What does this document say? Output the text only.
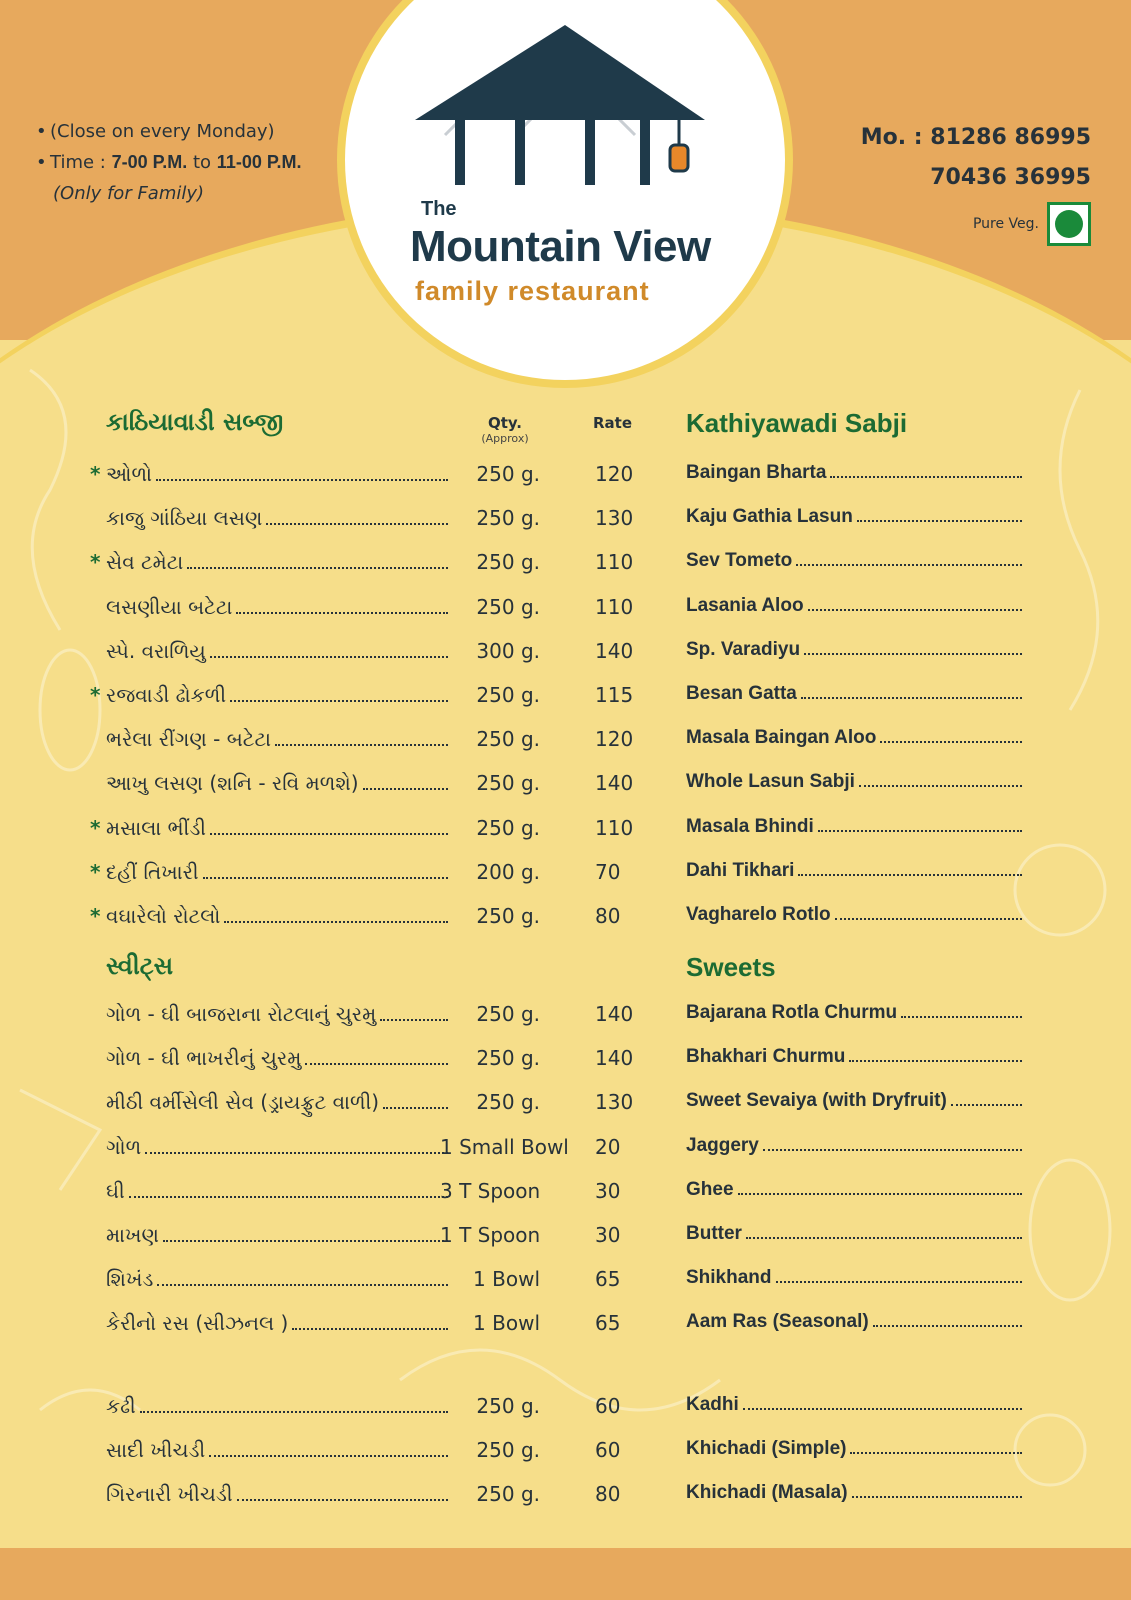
• (Close on every Monday)
• Time : 7-00 P.M. to 11-00 P.M.
(Only for Family)
Mo. : 81286 86995
70436 36995
Pure Veg.
The
Mountain View
family restaurant
કાઠિયાવાડી સબ્જી	Kathiyawadi Sabji
Qty.
(Approx)
Rate
સ્વીટ્સ	Sweets
* ઓળો	250 g.	120	Baingan Bharta
કાજુ ગાંઠિયા લસણ	250 g.	130	Kaju Gathia Lasun
* સેવ ટમેટા	250 g.	110	Sev Tometo
લસણીયા બટેટા	250 g.	110	Lasania Aloo
સ્પે. વરાળિયુ	300 g.	140	Sp. Varadiyu
* રજવાડી ઢોકળી	250 g.	115	Besan Gatta
ભરેલા રીંગણ - બટેટા	250 g.	120	Masala Baingan Aloo
આખુ લસણ (શનિ - રવિ મળશે)	250 g.	140	Whole Lasun Sabji
* મસાલા ભીંડી	250 g.	110	Masala Bhindi
* દહીં તિખારી	200 g.	70	Dahi Tikhari
* વઘારેલો રોટલો	250 g.	80	Vagharelo Rotlo
ગોળ - ઘી બાજરાના રોટલાનું ચુરમુ	250 g.	140	Bajarana Rotla Churmu
ગોળ - ઘી ભાખરીનું ચુરમુ	250 g.	140	Bhakhari Churmu
મીઠી વર્મીસેલી સેવ (ડ્રાયફ્રુટ વાળી)	250 g.	130	Sweet Sevaiya (with Dryfruit)
ગોળ	1 Small Bowl 20	Jaggery
ઘી	3 T Spoon	30	Ghee
માખણ	1 T Spoon	30	Butter
શિખંડ	1 Bowl	65	Shikhand
કેરીનો રસ (સીઝનલ )	1 Bowl	65	Aam Ras (Seasonal)
કઢી	250 g.	60	Kadhi
સાદી ખીચડી	250 g.	60	Khichadi (Simple)
ગિરનારી ખીચડી	250 g.	80	Khichadi (Masala)
